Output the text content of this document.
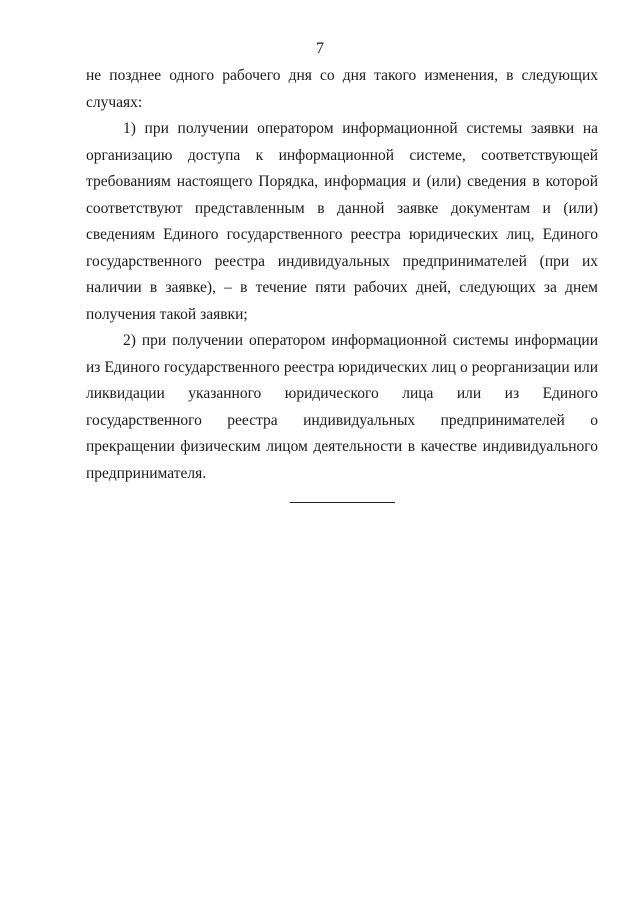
7

не позднее одного рабочего дня со дня такого изменения, в следующих случаях:

1) при получении оператором информационной системы заявки на организацию доступа к информационной системе, соответствующей требованиям настоящего Порядка, информация и (или) сведения в которой соответствуют представленным в данной заявке документам и (или) сведениям Единого государственного реестра юридических лиц, Единого государственного реестра индивидуальных предпринимателей (при их наличии в заявке), – в течение пяти рабочих дней, следующих за днем получения такой заявки;

2) при получении оператором информационной системы информации из Единого государственного реестра юридических лиц о реорганизации или ликвидации указанного юридического лица или из Единого государственного реестра индивидуальных предпринимателей о прекращении физическим лицом деятельности в качестве индивидуального предпринимателя.
